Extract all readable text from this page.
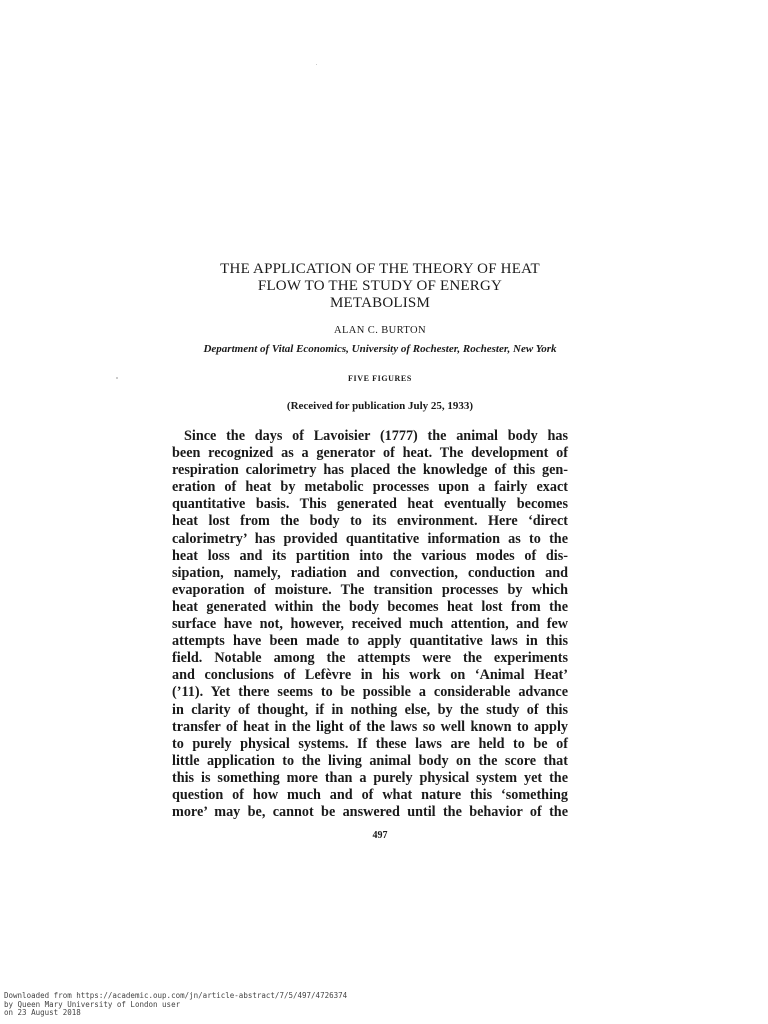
THE APPLICATION OF THE THEORY OF HEAT
FLOW TO THE STUDY OF ENERGY
METABOLISM

ALAN C. BURTON

Department of Vital Economics, University of Rochester, Rochester, New York

FIVE FIGURES

(Received for publication July 25, 1933)

Since the days of Lavoisier (1777) the animal body has
been recognized as a generator of heat. The development of
respiration calorimetry has placed the knowledge of this gen-
eration of heat by metabolic processes upon a fairly exact
quantitative basis. This generated heat eventually becomes
heat lost from the body to its environment. Here ‘direct
calorimetry’ has provided quantitative information as to the
heat loss and its partition into the various modes of dis-
sipation, namely, radiation and convection, conduction and
evaporation of moisture. The transition processes by which
heat generated within the body becomes heat lost from the
surface have not, however, received much attention, and few
attempts have been made to apply quantitative laws in this
field. Notable among the attempts were the experiments
and conclusions of Lefèvre in his work on ‘Animal Heat’
(’11). Yet there seems to be possible a considerable advance
in clarity of thought, if in nothing else, by the study of this
transfer of heat in the light of the laws so well known to apply
to purely physical systems. If these laws are held to be of
little application to the living animal body on the score that
this is something more than a purely physical system yet the
question of how much and of what nature this ‘something
more’ may be, cannot be answered until the behavior of the

497

Downloaded from https://academic.oup.com/jn/article-abstract/7/5/497/4726374
by Queen Mary University of London user
on 23 August 2018
